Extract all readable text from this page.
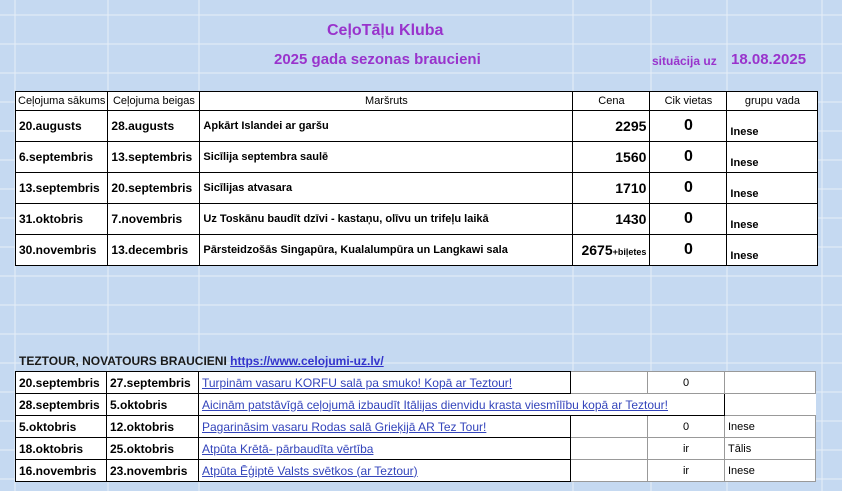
CeļoTāļu Kluba
2025 gada sezonas braucieni	situācija uz 18.08.2025
Ceļojuma sākums	Ceļojuma beigas	Maršruts	Cena	Cik vietas	grupu vada
20.augusts	28.augusts	Apkārt Islandei ar garšu	2295	0	Inese
6.septembris	13.septembris	Sicīlija septembra saulē	1560	0	Inese
13.septembris	20.septembris	Sicīlijas atvasara	1710	0	Inese
31.oktobris	7.novembris	Uz Toskānu baudīt dzīvi - kastaņu, olīvu un trifeļu laikā	1430	0	Inese
30.novembris	13.decembris	Pārsteidzošās Singapūra, Kualalumpūra un Langkawi sala	2675+biļetes	0	Inese
TEZTOUR, NOVATOURS BRAUCIENI https://www.celojumi-uz.lv/
20.septembris	27.septembris	Turpinām vasaru KORFU salā pa smuko! Kopā ar Teztour!		0	
28.septembris	5.oktobris	Aicinām patstāvīgā ceļojumā izbaudīt Itālijas dienvidu krasta viesmīlību kopā ar Teztour!			
5.oktobris	12.oktobris	Pagarināsim vasaru Rodas salā Grieķijā AR Tez Tour!		0	Inese
18.oktobris	25.oktobris	Atpūta Krētā- pārbaudīta vērtība		ir	Tālis
16.novembris	23.novembris	Atpūta Ēģiptē Valsts svētkos (ar Teztour)		ir	Inese
